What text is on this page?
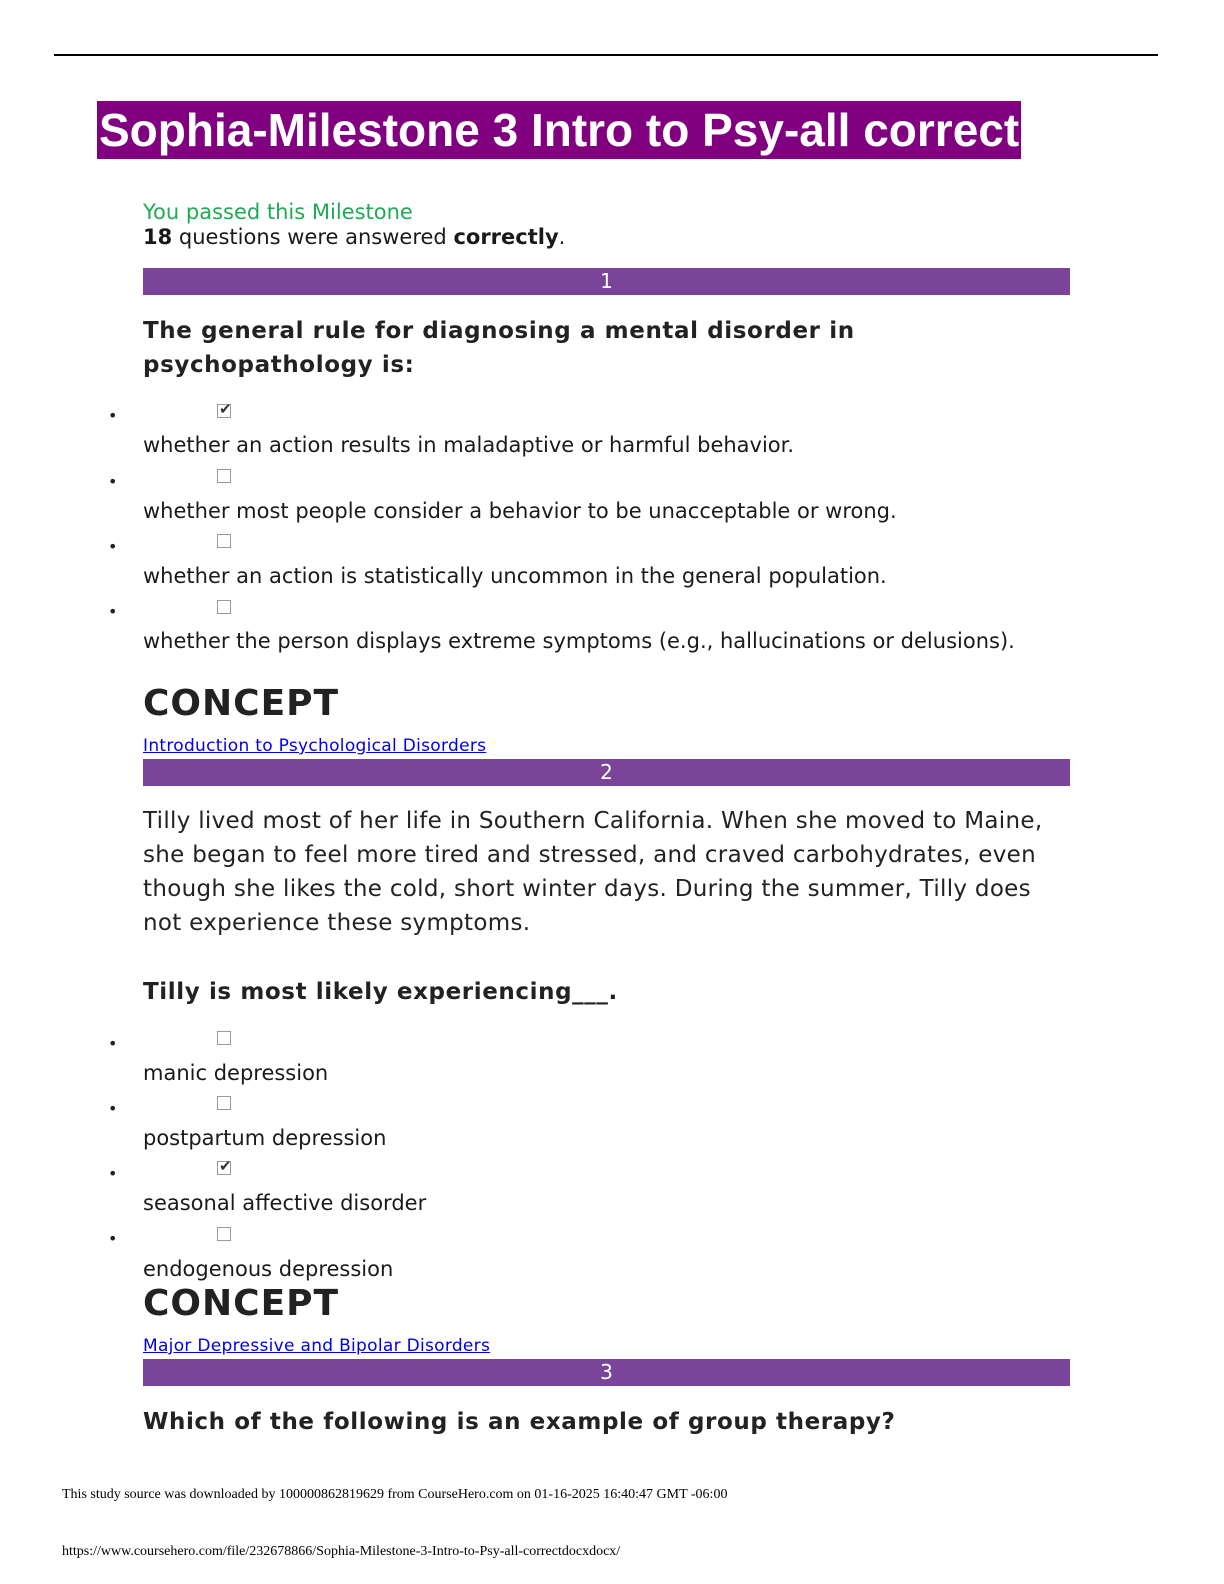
Sophia-Milestone 3 Intro to Psy-all correct
You passed this Milestone
18 questions were answered correctly.
1
The general rule for diagnosing a mental disorder in psychopathology is:
•
✔
whether an action results in maladaptive or harmful behavior.
•
whether most people consider a behavior to be unacceptable or wrong.
•
whether an action is statistically uncommon in the general population.
•
whether the person displays extreme symptoms (e.g., hallucinations or delusions).
CONCEPT
Introduction to Psychological Disorders
2
Tilly lived most of her life in Southern California. When she moved to Maine, she began to feel more tired and stressed, and craved carbohydrates, even though she likes the cold, short winter days. During the summer, Tilly does not experience these symptoms.
Tilly is most likely experiencing___.
•
manic depression
•
postpartum depression
•
✔
seasonal affective disorder
•
endogenous depression
CONCEPT
Major Depressive and Bipolar Disorders
3
Which of the following is an example of group therapy?
This study source was downloaded by 100000862819629 from CourseHero.com on 01-16-2025 16:40:47 GMT -06:00
https://www.coursehero.com/file/232678866/Sophia-Milestone-3-Intro-to-Psy-all-correctdocxdocx/
